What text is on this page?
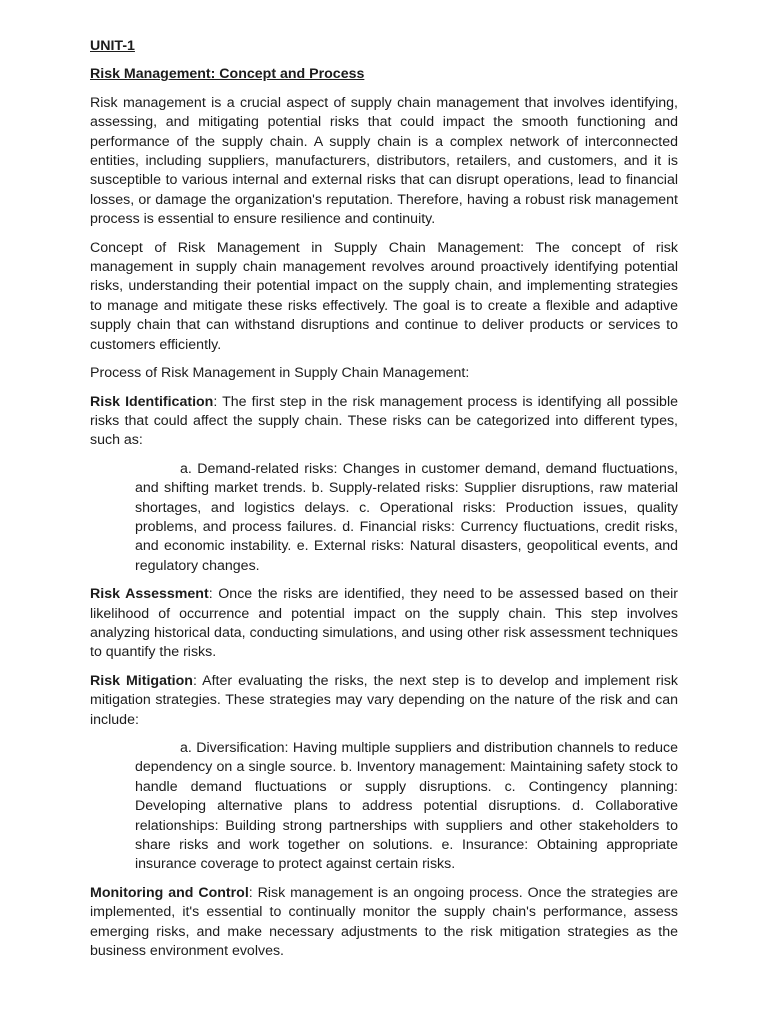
UNIT-1
Risk Management: Concept and Process

Risk management is a crucial aspect of supply chain management that involves identifying, assessing, and mitigating potential risks that could impact the smooth functioning and performance of the supply chain. A supply chain is a complex network of interconnected entities, including suppliers, manufacturers, distributors, retailers, and customers, and it is susceptible to various internal and external risks that can disrupt operations, lead to financial losses, or damage the organization's reputation. Therefore, having a robust risk management process is essential to ensure resilience and continuity.

Concept of Risk Management in Supply Chain Management: The concept of risk management in supply chain management revolves around proactively identifying potential risks, understanding their potential impact on the supply chain, and implementing strategies to manage and mitigate these risks effectively. The goal is to create a flexible and adaptive supply chain that can withstand disruptions and continue to deliver products or services to customers efficiently.

Process of Risk Management in Supply Chain Management:

Risk Identification: The first step in the risk management process is identifying all possible risks that could affect the supply chain. These risks can be categorized into different types, such as:

a. Demand-related risks: Changes in customer demand, demand fluctuations, and shifting market trends. b. Supply-related risks: Supplier disruptions, raw material shortages, and logistics delays. c. Operational risks: Production issues, quality problems, and process failures. d. Financial risks: Currency fluctuations, credit risks, and economic instability. e. External risks: Natural disasters, geopolitical events, and regulatory changes.

Risk Assessment: Once the risks are identified, they need to be assessed based on their likelihood of occurrence and potential impact on the supply chain. This step involves analyzing historical data, conducting simulations, and using other risk assessment techniques to quantify the risks.

Risk Mitigation: After evaluating the risks, the next step is to develop and implement risk mitigation strategies. These strategies may vary depending on the nature of the risk and can include:

a. Diversification: Having multiple suppliers and distribution channels to reduce dependency on a single source. b. Inventory management: Maintaining safety stock to handle demand fluctuations or supply disruptions. c. Contingency planning: Developing alternative plans to address potential disruptions. d. Collaborative relationships: Building strong partnerships with suppliers and other stakeholders to share risks and work together on solutions. e. Insurance: Obtaining appropriate insurance coverage to protect against certain risks.

Monitoring and Control: Risk management is an ongoing process. Once the strategies are implemented, it's essential to continually monitor the supply chain's performance, assess emerging risks, and make necessary adjustments to the risk mitigation strategies as the business environment evolves.
